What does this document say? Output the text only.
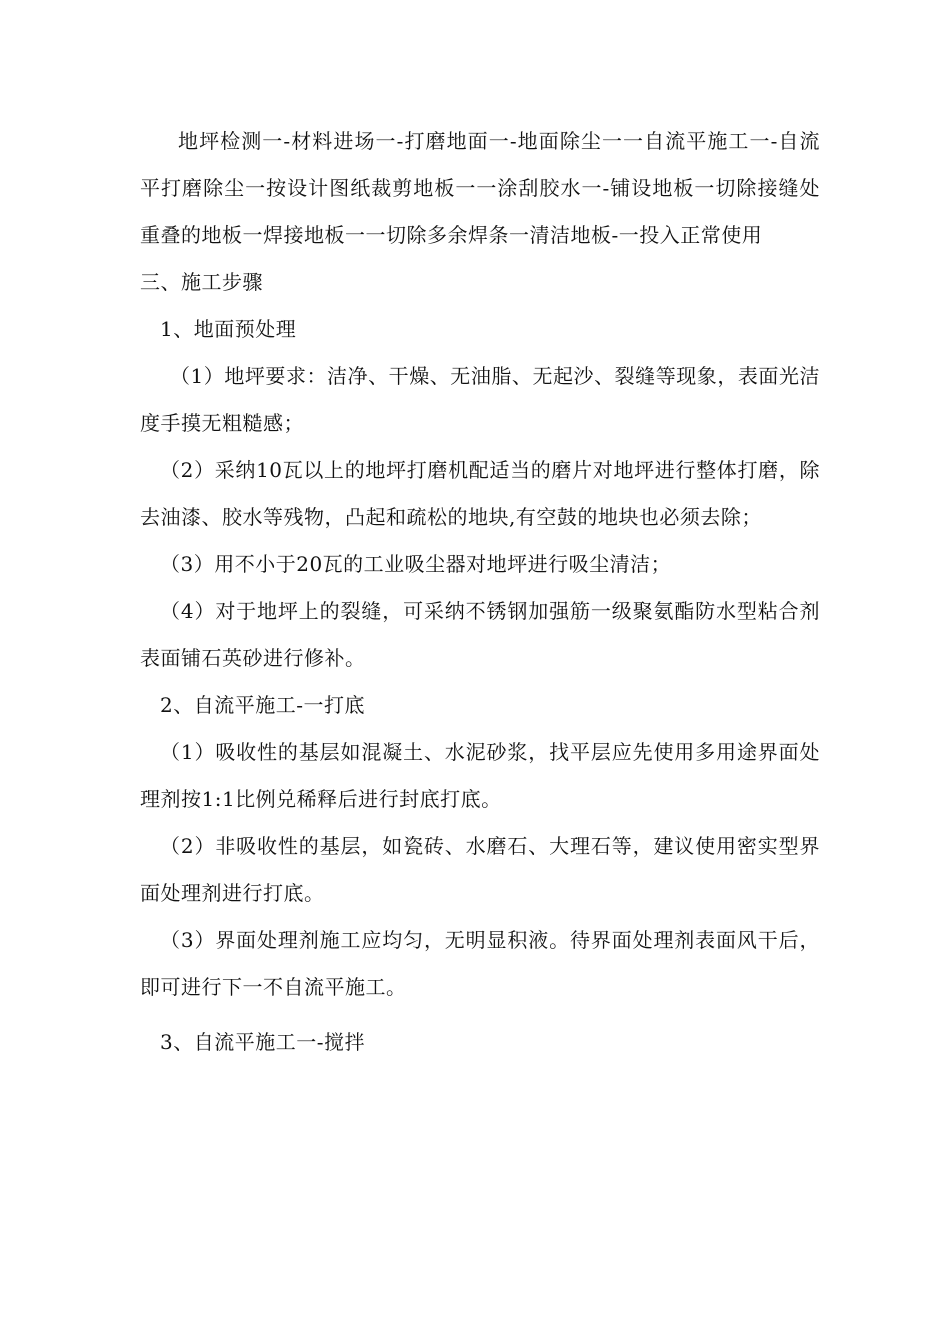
地坪检测一-材料进场一-打磨地面一-地面除尘一一自流平施工一-自流平打磨除尘一按设计图纸裁剪地板一一涂刮胶水一-铺设地板一切除接缝处重叠的地板一焊接地板一一切除多余焊条一清洁地板-一投入正常使用

三、施工步骤

1、地面预处理

（1）地坪要求：洁净、干燥、无油脂、无起沙、裂缝等现象，表面光洁度手摸无粗糙感；

（2）采纳10瓦以上的地坪打磨机配适当的磨片对地坪进行整体打磨，除去油漆、胶水等残物，凸起和疏松的地块,有空鼓的地块也必须去除；

（3）用不小于20瓦的工业吸尘器对地坪进行吸尘清洁；

（4）对于地坪上的裂缝，可采纳不锈钢加强筋一级聚氨酯防水型粘合剂表面铺石英砂进行修补。

2、自流平施工-一打底

（1）吸收性的基层如混凝土、水泥砂浆，找平层应先使用多用途界面处理剂按1:1比例兑稀释后进行封底打底。

（2）非吸收性的基层，如瓷砖、水磨石、大理石等，建议使用密实型界面处理剂进行打底。

（3）界面处理剂施工应均匀，无明显积液。待界面处理剂表面风干后，即可进行下一不自流平施工。

3、自流平施工一-搅拌
